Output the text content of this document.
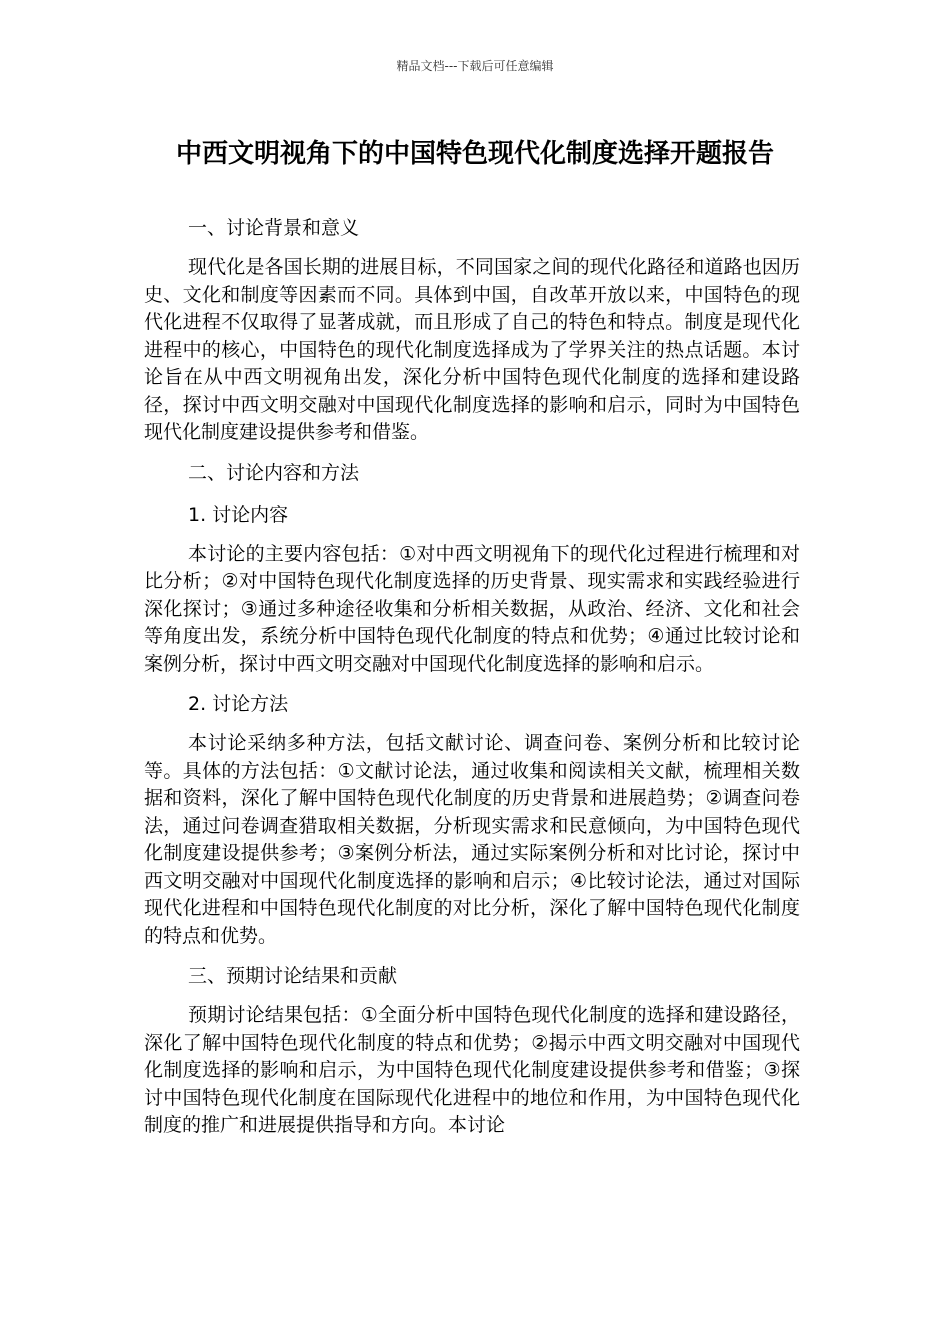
精品文档---下载后可任意编辑
中西文明视角下的中国特色现代化制度选择开题报告
一、讨论背景和意义

现代化是各国长期的进展目标，不同国家之间的现代化路径和道路也因历史、文化和制度等因素而不同。具体到中国，自改革开放以来，中国特色的现代化进程不仅取得了显著成就，而且形成了自己的特色和特点。制度是现代化进程中的核心，中国特色的现代化制度选择成为了学界关注的热点话题。本讨论旨在从中西文明视角出发，深化分析中国特色现代化制度的选择和建设路径，探讨中西文明交融对中国现代化制度选择的影响和启示，同时为中国特色现代化制度建设提供参考和借鉴。

二、讨论内容和方法
1. 讨论内容

本讨论的主要内容包括：①对中西文明视角下的现代化过程进行梳理和对比分析；②对中国特色现代化制度选择的历史背景、现实需求和实践经验进行深化探讨；③通过多种途径收集和分析相关数据，从政治、经济、文化和社会等角度出发，系统分析中国特色现代化制度的特点和优势；④通过比较讨论和案例分析，探讨中西文明交融对中国现代化制度选择的影响和启示。

2. 讨论方法

本讨论采纳多种方法，包括文献讨论、调查问卷、案例分析和比较讨论等。具体的方法包括：①文献讨论法，通过收集和阅读相关文献，梳理相关数据和资料，深化了解中国特色现代化制度的历史背景和进展趋势；②调查问卷法，通过问卷调查猎取相关数据，分析现实需求和民意倾向，为中国特色现代化制度建设提供参考；③案例分析法，通过实际案例分析和对比讨论，探讨中西文明交融对中国现代化制度选择的影响和启示；④比较讨论法，通过对国际现代化进程和中国特色现代化制度的对比分析，深化了解中国特色现代化制度的特点和优势。

三、预期讨论结果和贡献

预期讨论结果包括：①全面分析中国特色现代化制度的选择和建设路径，深化了解中国特色现代化制度的特点和优势；②揭示中西文明交融对中国现代化制度选择的影响和启示，为中国特色现代化制度建设提供参考和借鉴；③探讨中国特色现代化制度在国际现代化进程中的地位和作用，为中国特色现代化制度的推广和进展提供指导和方向。本讨论
